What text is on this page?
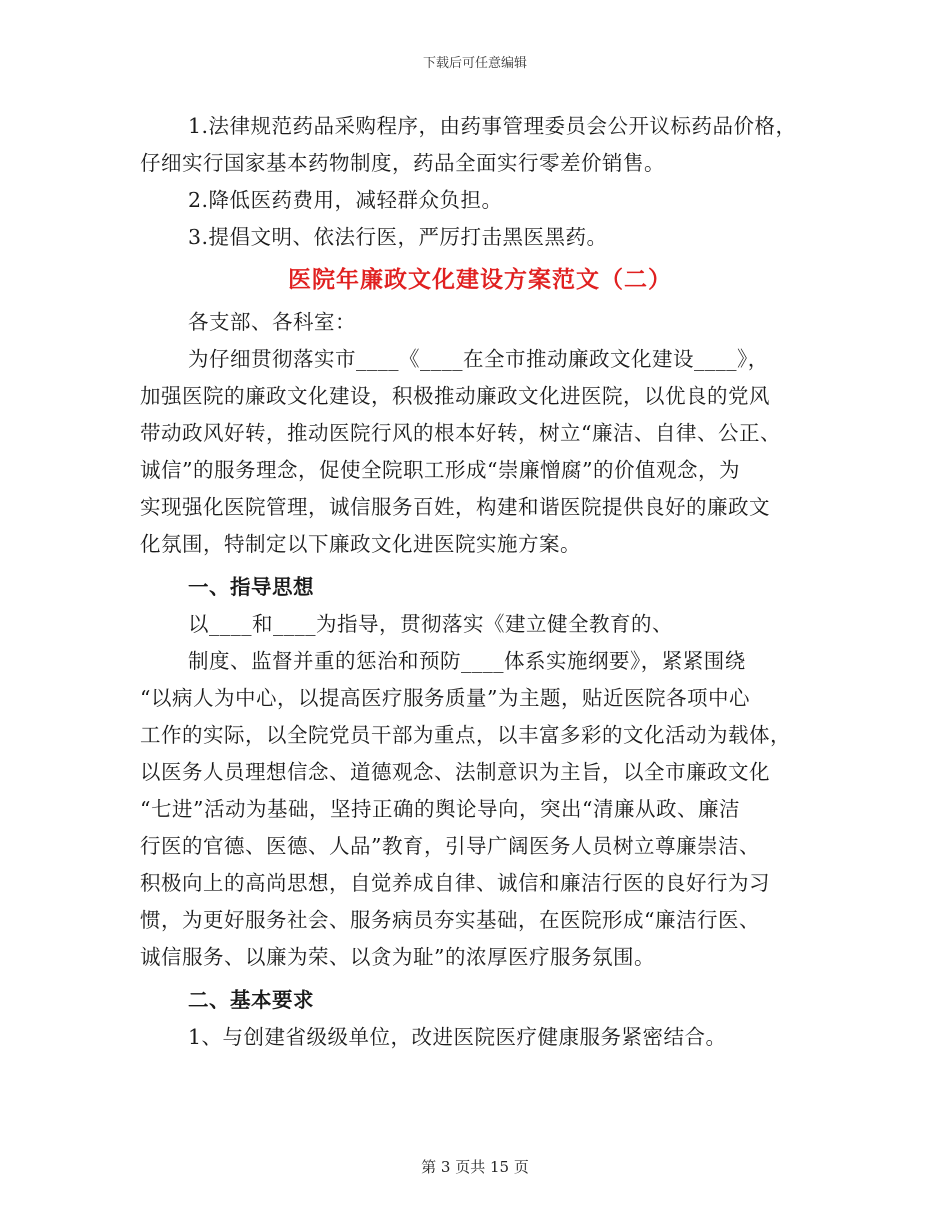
下载后可任意编辑
1.法律规范药品采购程序，由药事管理委员会公开议标药品价格，
仔细实行国家基本药物制度，药品全面实行零差价销售。
2.降低医药费用，减轻群众负担。
3.提倡文明、依法行医，严厉打击黑医黑药。
医院年廉政文化建设方案范文（二）
各支部、各科室：
为仔细贯彻落实市____《____在全市推动廉政文化建设____》，
加强医院的廉政文化建设，积极推动廉政文化进医院，以优良的党风
带动政风好转，推动医院行风的根本好转，树立“廉洁、自律、公正、
诚信”的服务理念，促使全院职工形成“崇廉憎腐”的价值观念，为
实现强化医院管理，诚信服务百姓，构建和谐医院提供良好的廉政文
化氛围，特制定以下廉政文化进医院实施方案。
一、指导思想
以____和____为指导，贯彻落实《建立健全教育的、
制度、监督并重的惩治和预防____体系实施纲要》，紧紧围绕
“以病人为中心，以提高医疗服务质量”为主题，贴近医院各项中心
工作的实际，以全院党员干部为重点，以丰富多彩的文化活动为载体，
以医务人员理想信念、道德观念、法制意识为主旨，以全市廉政文化
“七进”活动为基础，坚持正确的舆论导向，突出“清廉从政、廉洁
行医的官德、医德、人品”教育，引导广阔医务人员树立尊廉崇洁、
积极向上的高尚思想，自觉养成自律、诚信和廉洁行医的良好行为习
惯，为更好服务社会、服务病员夯实基础，在医院形成“廉洁行医、
诚信服务、以廉为荣、以贪为耻”的浓厚医疗服务氛围。
二、基本要求
1、与创建省级级单位，改进医院医疗健康服务紧密结合。
第 3 页共 15 页
